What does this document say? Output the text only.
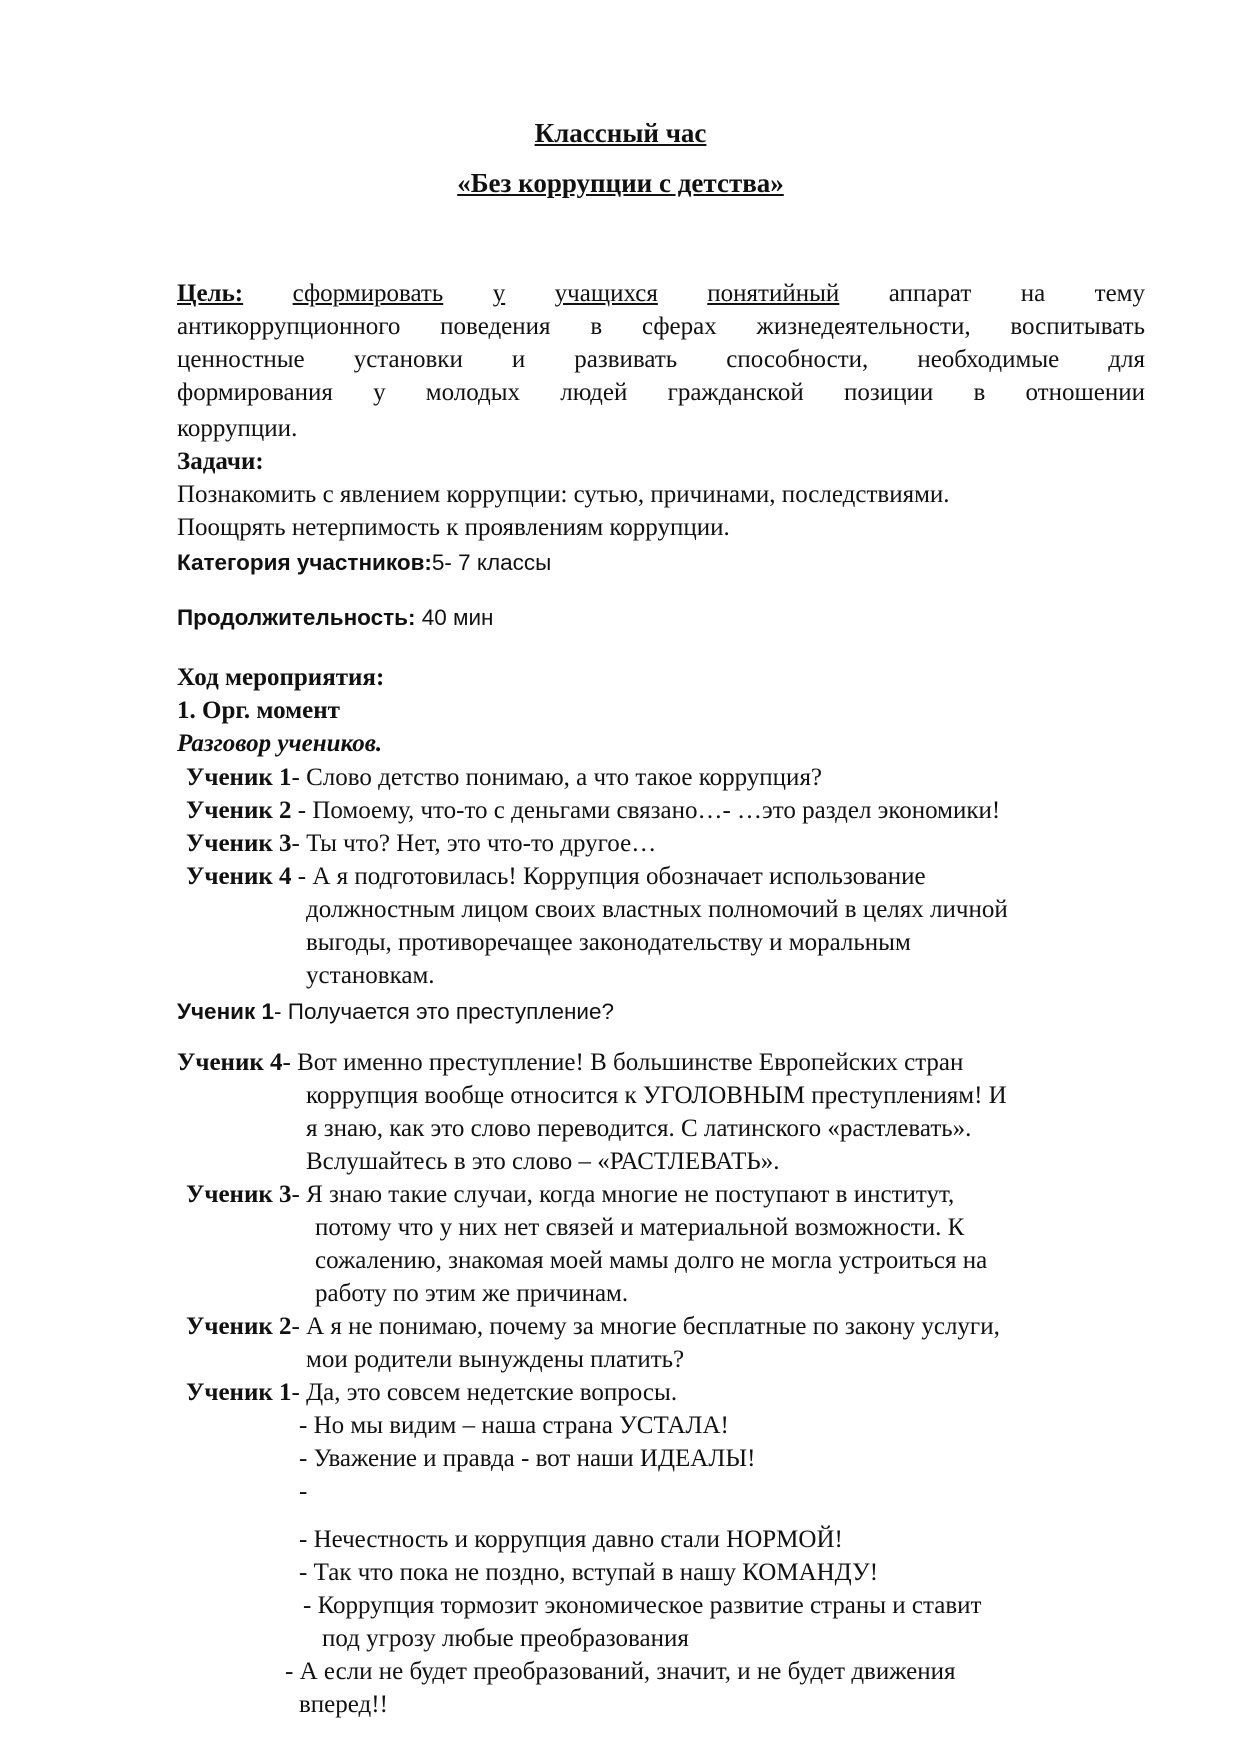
Классный час
«Без коррупции с детства»
Цель: сформировать у учащихся понятийный аппарат на тему
антикоррупционного поведения в сферах жизнедеятельности, воспитывать
ценностные установки и развивать способности, необходимые для
формирования у молодых людей гражданской позиции в отношении
коррупции.
Задачи:
Познакомить с явлением коррупции: сутью, причинами, последствиями.
Поощрять нетерпимость к проявлениям коррупции.
Категория участников:5- 7 классы
Продолжительность: 40 мин
Ход мероприятия:
1. Орг. момент
Разговор учеников.
Ученик 1- Слово детство понимаю, а что такое коррупция?
Ученик 2 - Помоему, что-то с деньгами связано…- …это раздел экономики!
Ученик 3- Ты что? Нет, это что-то другое…
Ученик 4 - А я подготовилась! Коррупция обозначает использование
должностным лицом своих властных полномочий в целях личной
выгоды, противоречащее законодательству и моральным
установкам.
Ученик 1- Получается это преступление?
Ученик 4- Вот именно преступление! В большинстве Европейских стран
коррупция вообще относится к УГОЛОВНЫМ преступлениям! И
я знаю, как это слово переводится. С латинского «растлевать».
Вслушайтесь в это слово – «РАСТЛЕВАТЬ».
Ученик 3- Я знаю такие случаи, когда многие не поступают в институт,
потому что у них нет связей и материальной возможности. К
сожалению, знакомая моей мамы долго не могла устроиться на
работу по этим же причинам.
Ученик 2- А я не понимаю, почему за многие бесплатные по закону услуги,
мои родители вынуждены платить?
Ученик 1- Да, это совсем недетские вопросы.
- Но мы видим – наша страна УСТАЛА!
- Уважение и правда - вот наши ИДЕАЛЫ!
-
- Нечестность и коррупция давно стали НОРМОЙ!
- Так что пока не поздно, вступай в нашу КОМАНДУ!
- Коррупция тормозит экономическое развитие страны и ставит
под угрозу любые преобразования
- А если не будет преобразований, значит, и не будет движения
вперед!!
